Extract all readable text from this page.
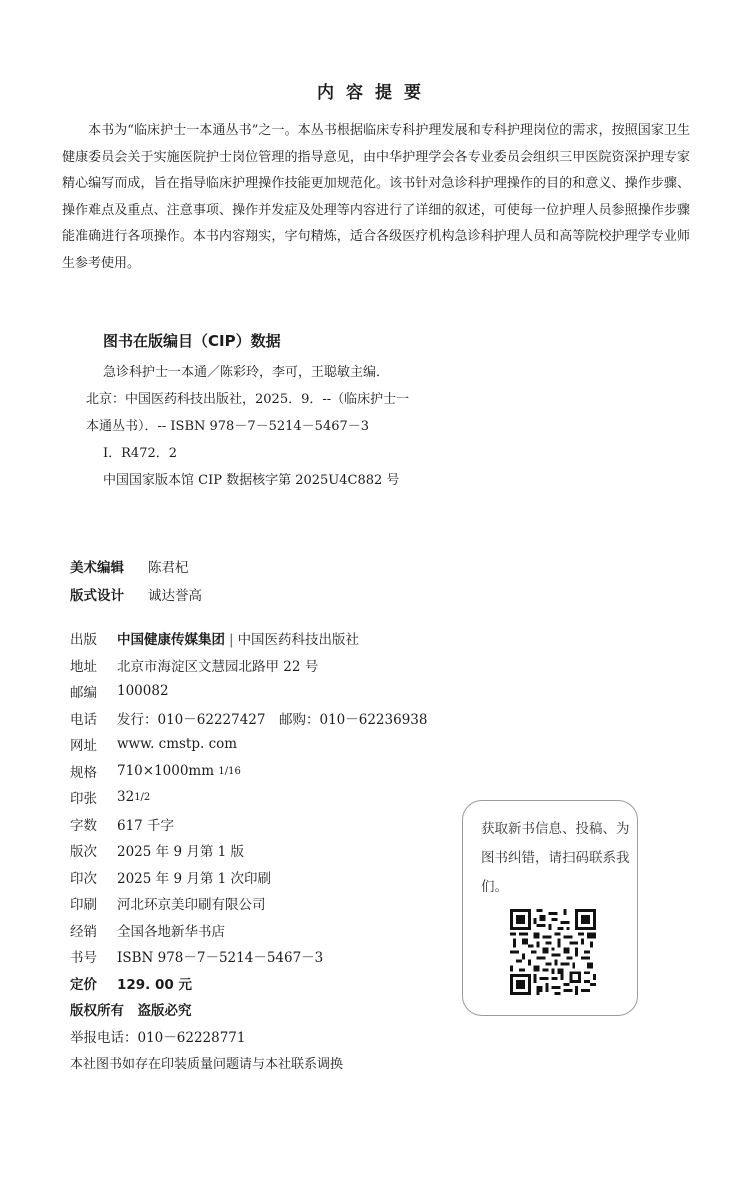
内容提要
本书为“临床护士一本通丛书”之一。本丛书根据临床专科护理发展和专科护理岗位的需求，按照国家卫生健康委员会关于实施医院护士岗位管理的指导意见，由中华护理学会各专业委员会组织三甲医院资深护理专家精心编写而成，旨在指导临床护理操作技能更加规范化。该书针对急诊科护理操作的目的和意义、操作步骤、操作难点及重点、注意事项、操作并发症及处理等内容进行了详细的叙述，可使每一位护理人员参照操作步骤能准确进行各项操作。本书内容翔实，字句精炼，适合各级医疗机构急诊科护理人员和高等院校护理学专业师生参考使用。
图书在版编目（CIP）数据
急诊科护士一本通／陈彩玲，李可，王聪敏主编．
北京：中国医药科技出版社，2025．9．--（临床护士一
本通丛书）．-- ISBN 978－7－5214－5467－3
Ⅰ．R472．2
中国国家版本馆 CIP 数据核字第 2025U4C882 号
美术编辑 陈君杞
版式设计 诚达誉高
出版	中国健康传媒集团 | 中国医药科技出版社
地址	北京市海淀区文慧园北路甲 22 号
邮编	100082
电话	发行：010－62227427　邮购：010－62236938
网址	www. cmstp. com
规格	710×1000mm 1/16
印张	321/2
字数	617 千字
版次	2025 年 9 月第 1 版
印次	2025 年 9 月第 1 次印刷
印刷	河北环京美印刷有限公司
经销	全国各地新华书店
书号	ISBN 978－7－5214－5467－3
定价	129. 00 元
版权所有　盗版必究
举报电话：010－62228771
本社图书如存在印装质量问题请与本社联系调换
获取新书信息、投稿、为图书纠错，请扫码联系我们。
